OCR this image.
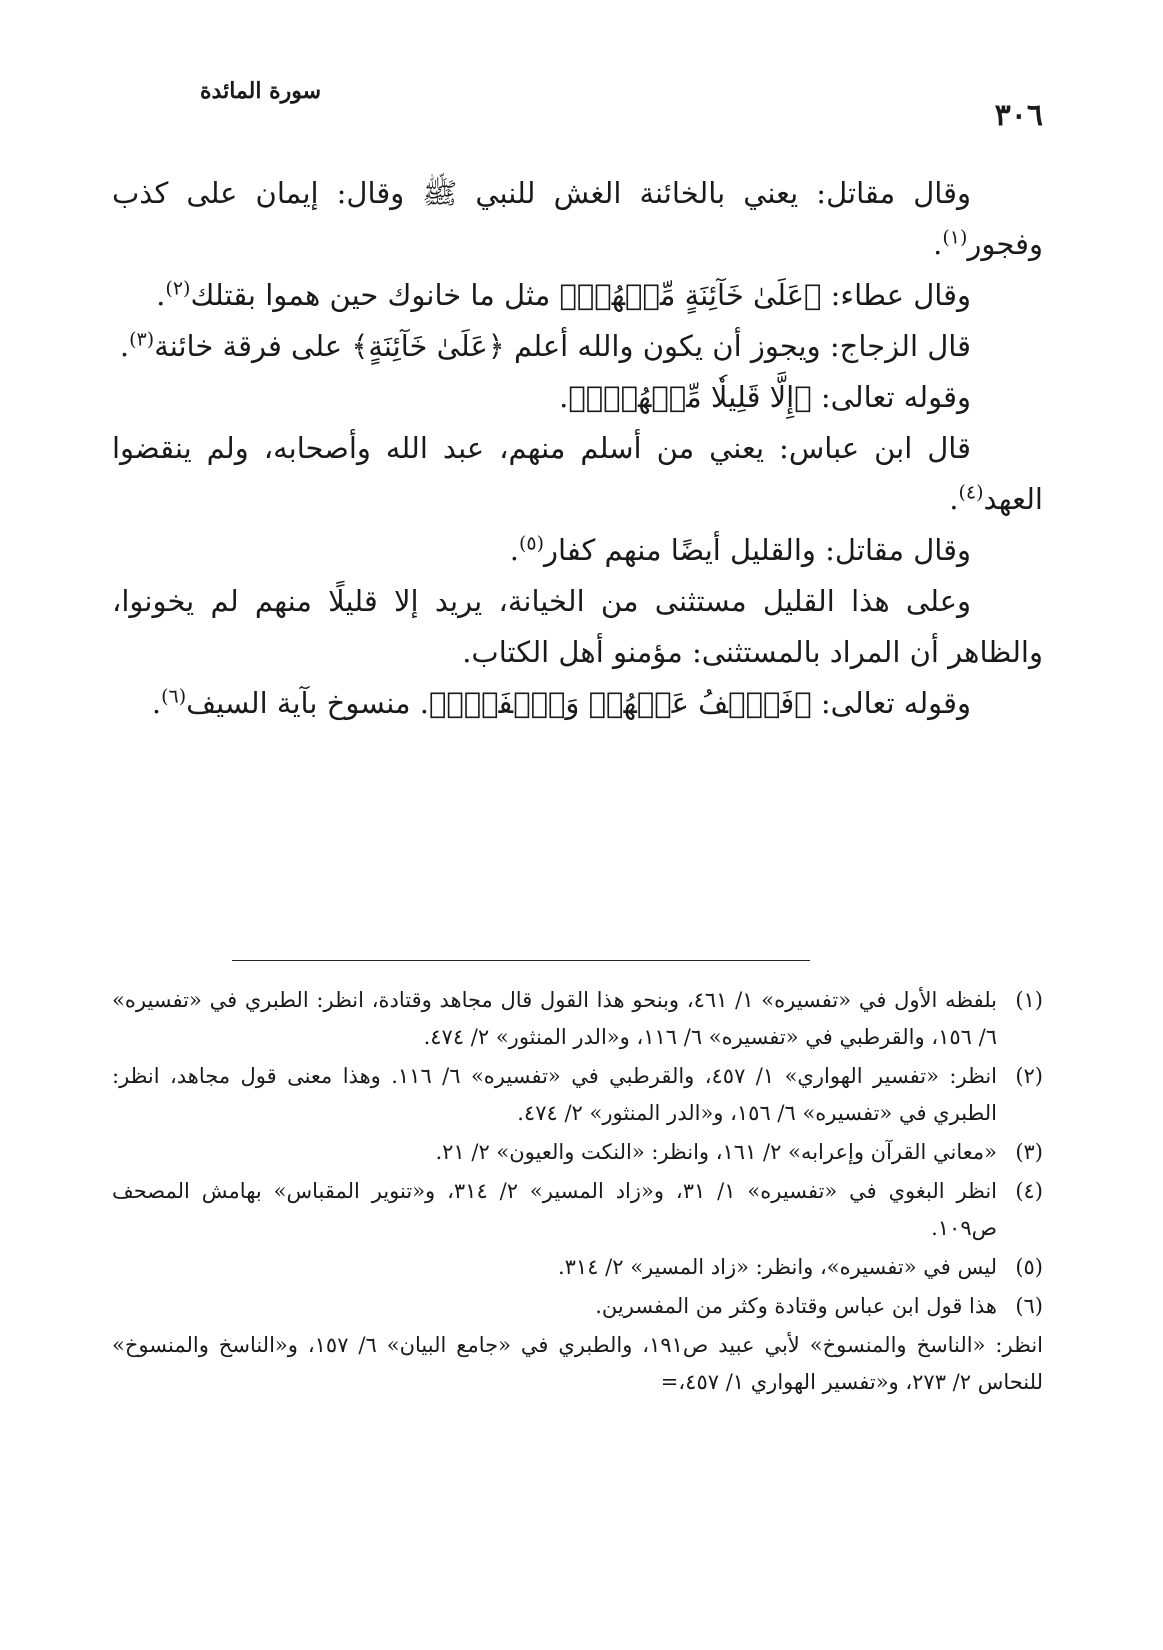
٣٠٦
سورة المائدة

وقال مقاتل: يعني بالخائنة الغش للنبي ﷺ وقال: إيمان على كذب وفجور$^{(١)}$.

وقال عطاء: ﴿عَلَىٰ خَآئِنَةٍ مِّنۡهُمۡ﴾ مثل ما خانوك حين هموا بقتلك$^{(٢)}$.

قال الزجاج: ويجوز أن يكون والله أعلم ﴿عَلَىٰ خَآئِنَةٍ﴾ على فرقة خائنة$^{(٣)}$.

وقوله تعالى: ﴿إِلَّا قَلِيلٗا مِّنۡهُمۡۖ﴾.

قال ابن عباس: يعني من أسلم منهم، عبد الله وأصحابه، ولم ينقضوا العهد$^{(٤)}$.

وقال مقاتل: والقليل أيضًا منهم كفار$^{(٥)}$.

وعلى هذا القليل مستثنى من الخيانة، يريد إلا قليلًا منهم لم يخونوا، والظاهر أن المراد بالمستثنى: مؤمنو أهل الكتاب.

وقوله تعالى: ﴿فَٱعۡفُ عَنۡهُمۡ وَٱصۡفَحۡۚ﴾. منسوخ بآية السيف$^{(٦)}$.

(١)
بلفظه الأول في «تفسيره» ١/ ٤٦١، وبنحو هذا القول قال مجاهد وقتادة، انظر: الطبري في «تفسيره» ٦/ ١٥٦، والقرطبي في «تفسيره» ٦/ ١١٦، و«الدر المنثور» ٢/ ٤٧٤.
(٢)
انظر: «تفسير الهواري» ١/ ٤٥٧، والقرطبي في «تفسيره» ٦/ ١١٦. وهذا معنى قول مجاهد، انظر: الطبري في «تفسيره» ٦/ ١٥٦، و«الدر المنثور» ٢/ ٤٧٤.
(٣)
«معاني القرآن وإعرابه» ٢/ ١٦١، وانظر: «النكت والعيون» ٢/ ٢١.
(٤)
انظر البغوي في «تفسيره» ١/ ٣١، و«زاد المسير» ٢/ ٣١٤، و«تنوير المقباس» بهامش المصحف ص١٠٩.
(٥)
ليس في «تفسيره»، وانظر: «زاد المسير» ٢/ ٣١٤.
(٦)
هذا قول ابن عباس وقتادة وكثر من المفسرين.

انظر: «الناسخ والمنسوخ» لأبي عبيد ص١٩١، والطبري في «جامع البيان» ٦/ ١٥٧، و«الناسخ والمنسوخ» للنحاس ٢/ ٢٧٣، و«تفسير الهواري ١/ ٤٥٧،=
